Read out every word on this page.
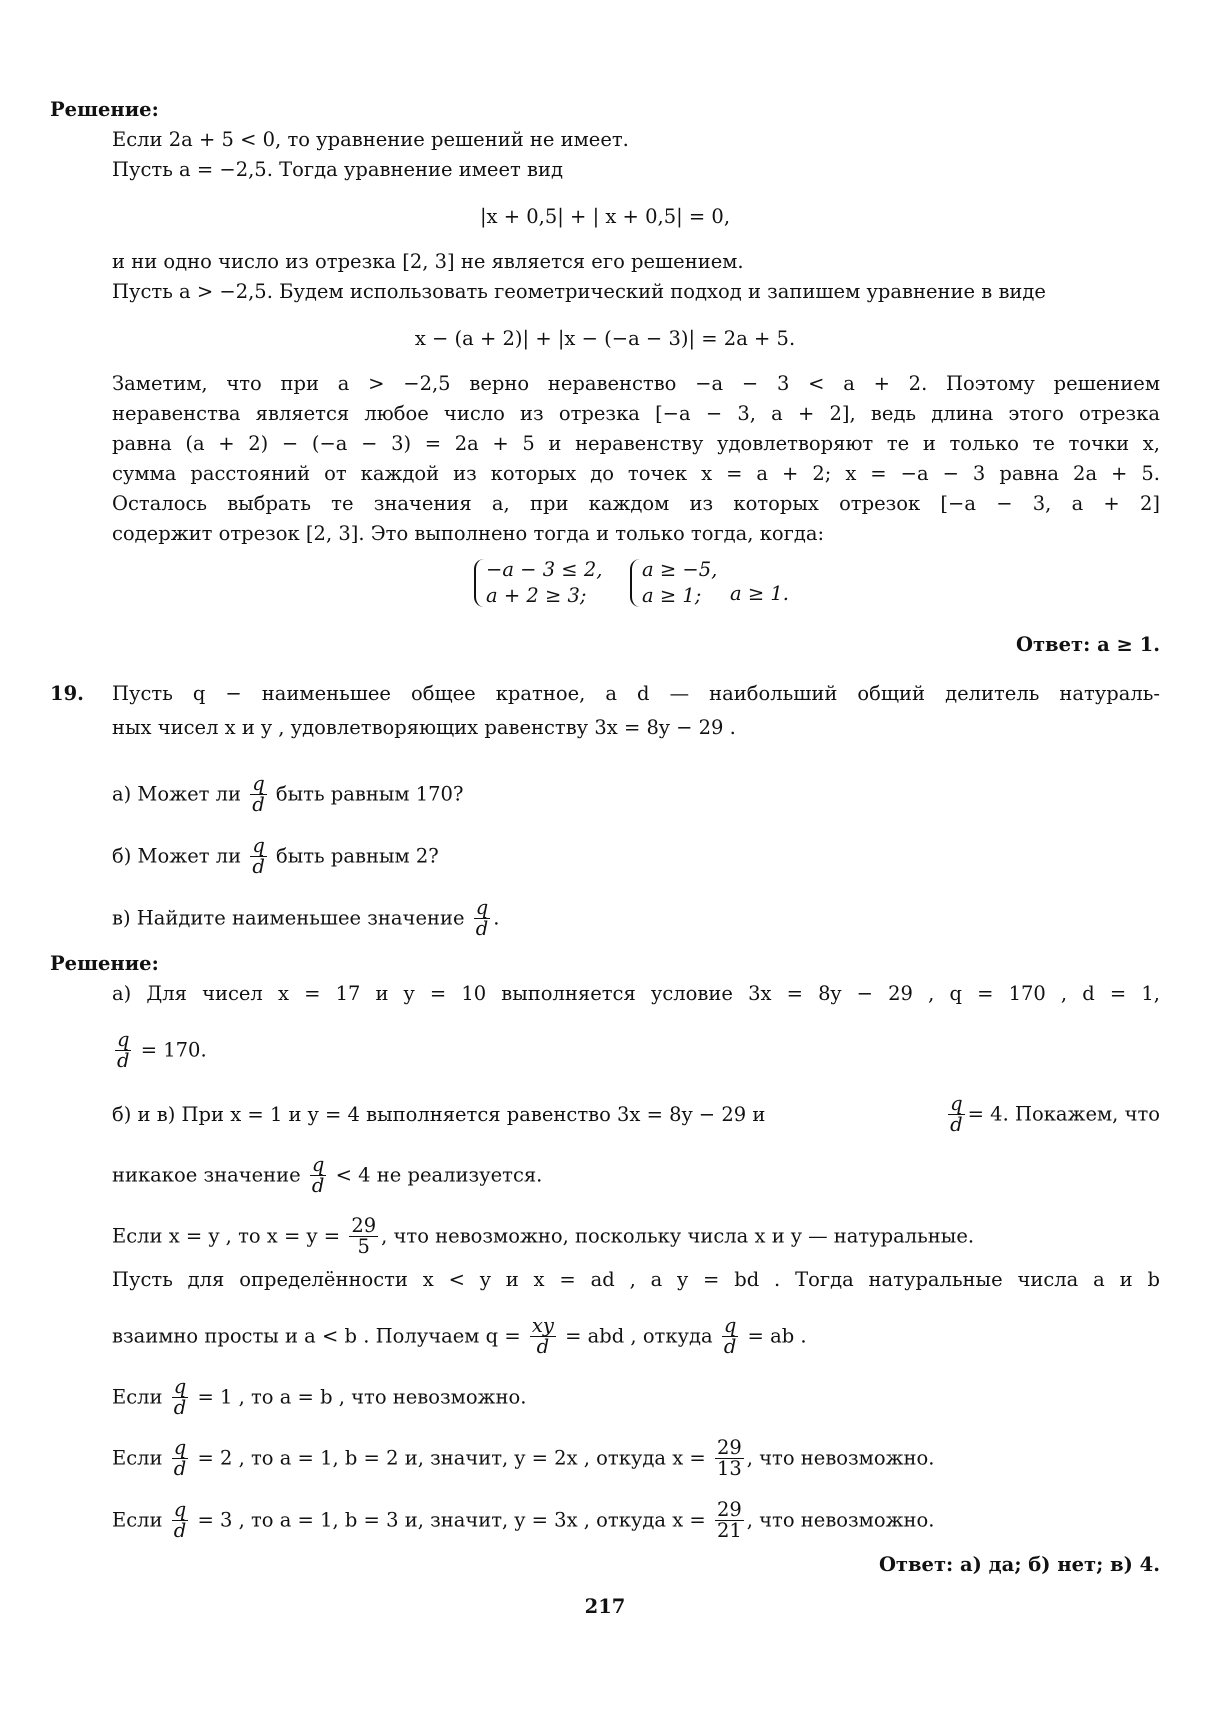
Решение:
Если 2a + 5 < 0, то уравнение решений не имеет.
Пусть a = −2,5. Тогда уравнение имеет вид
|x + 0,5| + | x + 0,5| = 0,
и ни одно число из отрезка [2, 3] не является его решением.
Пусть a > −2,5. Будем использовать геометрический подход и запишем уравнение в виде
x − (a + 2)| + |x − (−a − 3)| = 2a + 5.
Заметим, что при a > −2,5 верно неравенство −a − 3 < a + 2. Поэтому решением
неравенства является любое число из отрезка [−a − 3, a + 2], ведь длина этого отрезка
равна (a + 2) − (−a − 3) = 2a + 5 и неравенству удовлетворяют те и только те точки x,
сумма расстояний от каждой из которых до точек x = a + 2; x = −a − 3 равна 2a + 5.
Осталось выбрать те значения a, при каждом из которых отрезок [−a − 3, a + 2]
содержит отрезок [2, 3]. Это выполнено тогда и только тогда, когда:
−a − 3 ≤ 2,
a + 2 ≥ 3;
a ≥ −5,
a ≥ 1;	a ≥ 1.
Ответ: a ≥ 1.
19.	Пусть q − наименьшее общее кратное, а d — наибольший общий делитель натураль-
ных чисел x и y , удовлетворяющих равенству 3x = 8y − 29 .
а) Может ли $\frac{q}{d}$ быть равным 170?
б) Может ли $\frac{q}{d}$ быть равным 2?
в) Найдите наименьшее значение $\frac{q}{d}$ .
Решение:
а) Для чисел x = 17 и y = 10 выполняется условие 3x = 8y − 29 , q = 170 , d = 1,
$\frac{q}{d} = 170$.
б) и в) При x = 1 и y = 4 выполняется равенство 3x = 8y − 29 и	$\frac{q}{d} = 4$. Покажем, что
никакое значение $\frac{q}{d} < 4$ не реализуется.
Если x = y , то $x = y = \frac{29}{5}$ , что невозможно, поскольку числа x и y — натуральные.
Пусть для определённости x < y и x = ad , а y = bd . Тогда натуральные числа a и b
взаимно просты и a < b . Получаем $q = \frac{xy}{d}$ = abd , откуда $\frac{q}{d}$ = ab .
Если $\frac{q}{d} = 1$ , то a = b , что невозможно.
Если $\frac{q}{d} = 2$ , то a = 1, b = 2 и, значит, y = 2x , откуда $x = \frac{29}{13}$ , что невозможно.
Если $\frac{q}{d} = 3$ , то a = 1, b = 3 и, значит, y = 3x , откуда $x = \frac{29}{21}$ , что невозможно.
Ответ: а) да; б) нет; в) 4.
217
